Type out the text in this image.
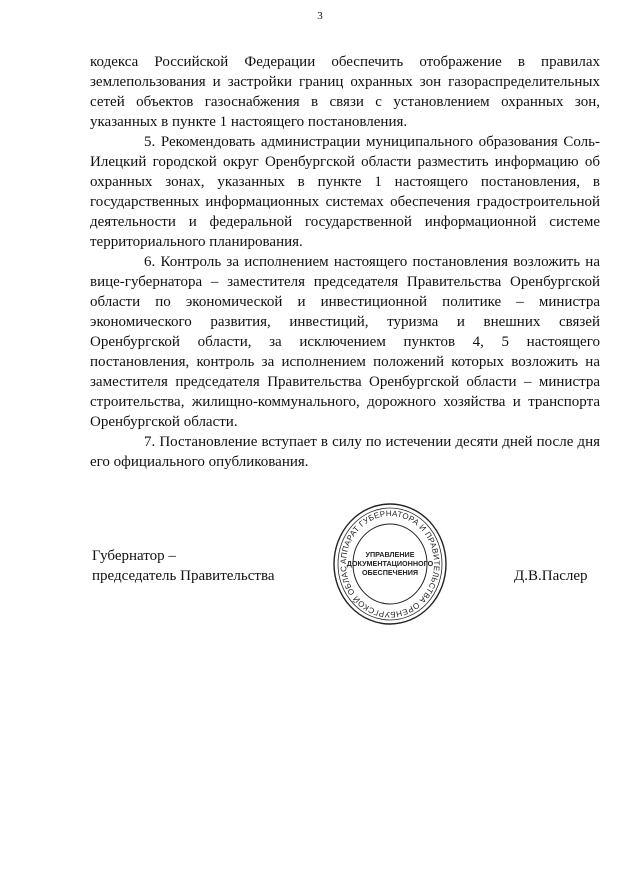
3

кодекса Российской Федерации обеспечить отображение в правилах землепользования и застройки границ охранных зон газораспределительных сетей объектов газоснабжения в связи с установлением охранных зон, указанных в пункте 1 настоящего постановления.

5. Рекомендовать администрации муниципального образования Соль-Илецкий городской округ Оренбургской области разместить информацию об охранных зонах, указанных в пункте 1 настоящего постановления, в государственных информационных системах обеспечения градостроительной деятельности и федеральной государственной информационной системе территориального планирования.

6. Контроль за исполнением настоящего постановления возложить на вице-губернатора – заместителя председателя Правительства Оренбургской области по экономической и инвестиционной политике – министра экономического развития, инвестиций, туризма и внешних связей Оренбургской области, за исключением пунктов 4, 5 настоящего постановления, контроль за исполнением положений которых возложить на заместителя председателя Правительства Оренбургской области – министра строительства, жилищно-коммунального, дорожного хозяйства и транспорта Оренбургской области.

7. Постановление вступает в силу по истечении десяти дней после дня его официального опубликования.

Губернатор –
председатель Правительства
АППАРАТ ГУБЕРНАТОРА И ПРАВИТЕЛЬСТВА ОРЕНБУРГСКОЙ ОБЛАС
УПРАВЛЕНИЕ
ДОКУМЕНТАЦИОННОГО
ОБЕСПЕЧЕНИЯ	Д.В.Паслер
